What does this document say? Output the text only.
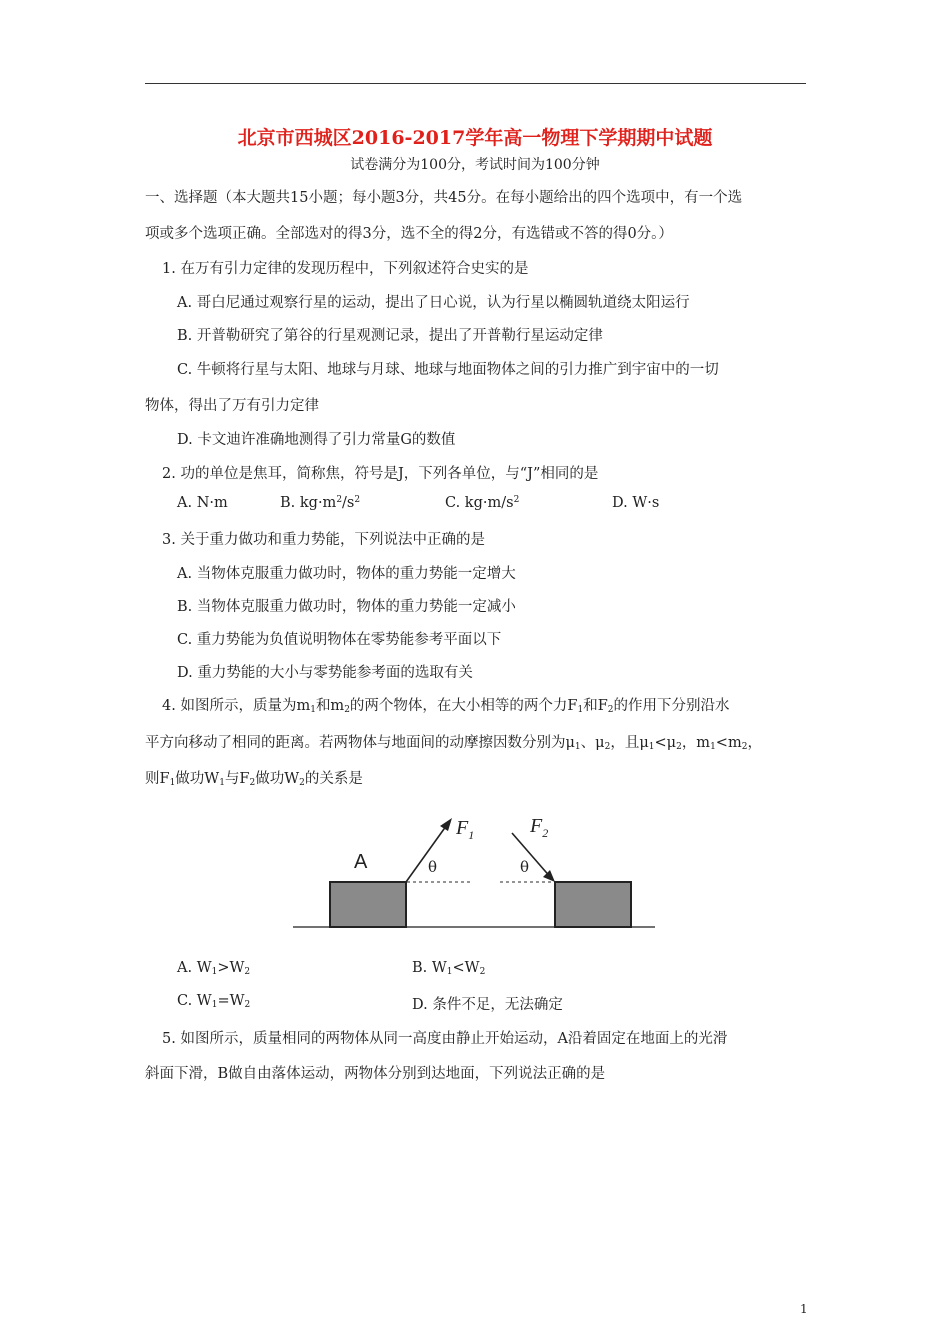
北京市西城区2016-2017学年高一物理下学期期中试题
试卷满分为100分，考试时间为100分钟
一、选择题（本大题共15小题；每小题3分，共45分。在每小题给出的四个选项中，有一个选
项或多个选项正确。全部选对的得3分，选不全的得2分，有选错或不答的得0分。）
1. 在万有引力定律的发现历程中，下列叙述符合史实的是
A. 哥白尼通过观察行星的运动，提出了日心说，认为行星以椭圆轨道绕太阳运行
B. 开普勒研究了第谷的行星观测记录，提出了开普勒行星运动定律
C. 牛顿将行星与太阳、地球与月球、地球与地面物体之间的引力推广到宇宙中的一切
物体，得出了万有引力定律
D. 卡文迪许准确地测得了引力常量G的数值
2. 功的单位是焦耳，简称焦，符号是J，下列各单位，与“J”相同的是
A. N·m	B. $kg\cdot m^2/s^2$	C. $kg\cdot m/s^2$	D. W·s
3. 关于重力做功和重力势能，下列说法中正确的是
A. 当物体克服重力做功时，物体的重力势能一定增大
B. 当物体克服重力做功时，物体的重力势能一定减小
C. 重力势能为负值说明物体在零势能参考平面以下
D. 重力势能的大小与零势能参考面的选取有关
4. 如图所示，质量为$m_1$和$m_2$的两个物体，在大小相等的两个力$F_1$和$F_2$的作用下分别沿水
平方向移动了相同的距离。若两物体与地面间的动摩擦因数分别为$\mu_1$、$\mu_2$，且$\mu_1<\mu_2$，$m_1<m_2$，
则$F_1$做功$W_1$与$F_2$做功$W_2$的关系是
A
$F_1$	$F_2$
θ	θ
A. $W_1>W_2$	B. $W_1<W_2$
C. $W_1=W_2$	D. 条件不足，无法确定
5. 如图所示，质量相同的两物体从同一高度由静止开始运动，A沿着固定在地面上的光滑
斜面下滑，B做自由落体运动，两物体分别到达地面，下列说法正确的是
1
